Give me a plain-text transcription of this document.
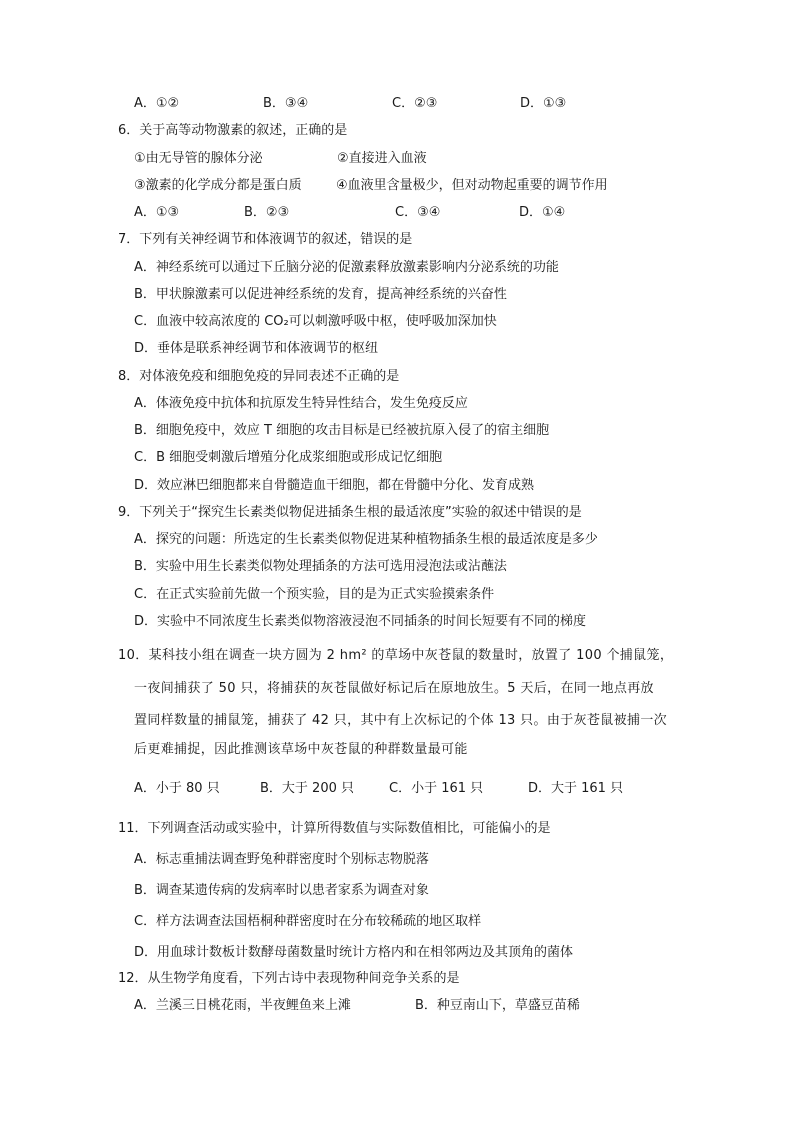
A．①②	B．③④	C．②③	D．①③
6．关于高等动物激素的叙述，正确的是
①由无导管的腺体分泌	②直接进入血液
③激素的化学成分都是蛋白质	④血液里含量极少，但对动物起重要的调节作用
A．①③	B．②③	C．③④	D．①④
7．下列有关神经调节和体液调节的叙述，错误的是
A．神经系统可以通过下丘脑分泌的促激素释放激素影响内分泌系统的功能
B．甲状腺激素可以促进神经系统的发育，提高神经系统的兴奋性
C．血液中较高浓度的 CO₂可以刺激呼吸中枢，使呼吸加深加快
D．垂体是联系神经调节和体液调节的枢纽
8．对体液免疫和细胞免疫的异同表述不正确的是
A．体液免疫中抗体和抗原发生特异性结合，发生免疫反应
B．细胞免疫中，效应 T 细胞的攻击目标是已经被抗原入侵了的宿主细胞
C．B 细胞受刺激后增殖分化成浆细胞或形成记忆细胞
D．效应淋巴细胞都来自骨髓造血干细胞，都在骨髓中分化、发育成熟
9．下列关于“探究生长素类似物促进插条生根的最适浓度”实验的叙述中错误的是
A．探究的问题：所选定的生长素类似物促进某种植物插条生根的最适浓度是多少
B．实验中用生长素类似物处理插条的方法可选用浸泡法或沾蘸法
C．在正式实验前先做一个预实验，目的是为正式实验摸索条件
D．实验中不同浓度生长素类似物溶液浸泡不同插条的时间长短要有不同的梯度
10．某科技小组在调查一块方圆为 2 hm² 的草场中灰苍鼠的数量时，放置了 100 个捕鼠笼，
一夜间捕获了 50 只，将捕获的灰苍鼠做好标记后在原地放生。5 天后，在同一地点再放
置同样数量的捕鼠笼，捕获了 42 只，其中有上次标记的个体 13 只。由于灰苍鼠被捕一次
后更难捕捉，因此推测该草场中灰苍鼠的种群数量最可能
A．小于 80 只	B．大于 200 只	C．小于 161 只	D．大于 161 只
11．下列调查活动或实验中，计算所得数值与实际数值相比，可能偏小的是
A．标志重捕法调查野兔种群密度时个别标志物脱落
B．调查某遗传病的发病率时以患者家系为调查对象
C．样方法调查法国梧桐种群密度时在分布较稀疏的地区取样
D．用血球计数板计数酵母菌数量时统计方格内和在相邻两边及其顶角的菌体
12．从生物学角度看，下列古诗中表现物种间竞争关系的是
A．兰溪三日桃花雨，半夜鲤鱼来上滩	B．种豆南山下，草盛豆苗稀
